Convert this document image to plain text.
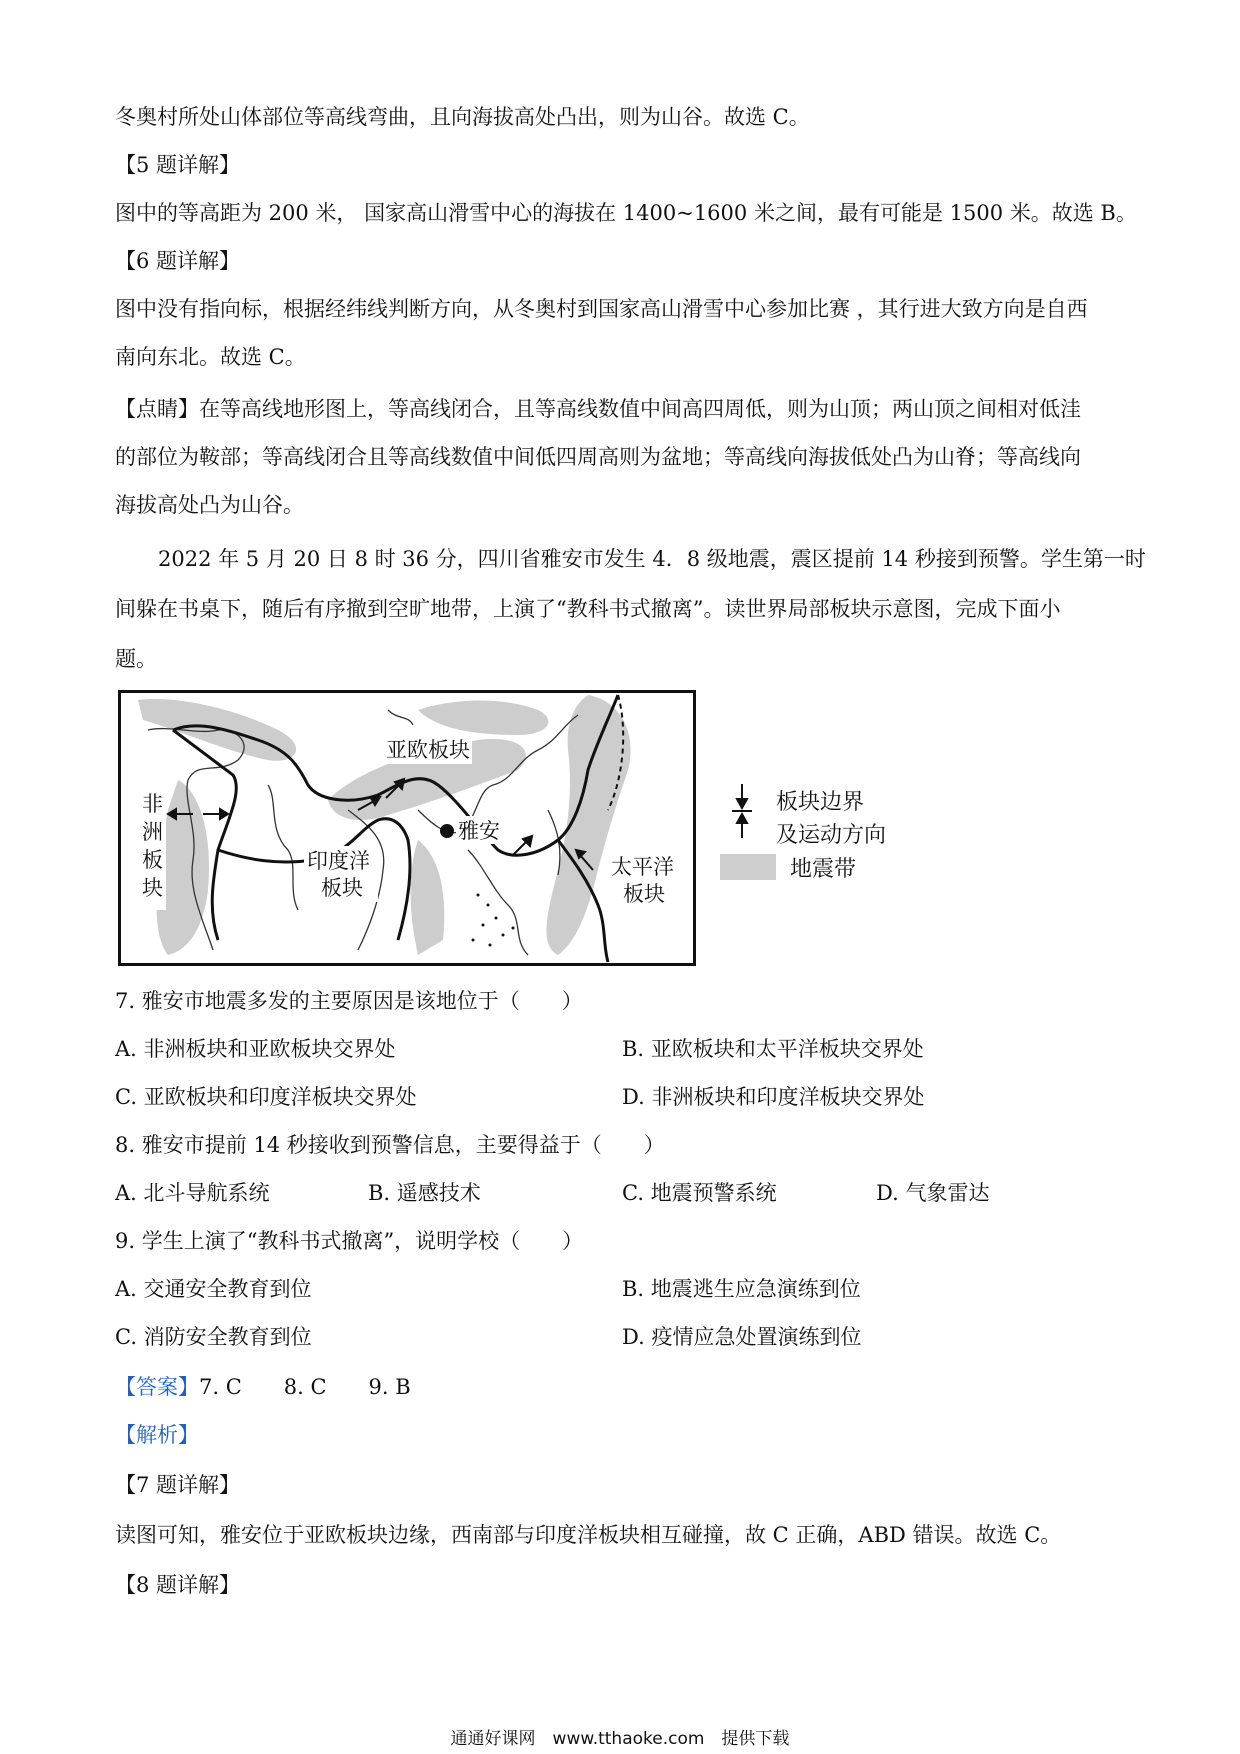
冬奥村所处山体部位等高线弯曲，且向海拔高处凸出，则为山谷。故选 C。
【5 题详解】
图中的等高距为 200 米， 国家高山滑雪中心的海拔在 1400~1600 米之间，最有可能是 1500 米。故选 B。
【6 题详解】
图中没有指向标，根据经纬线判断方向，从冬奥村到国家高山滑雪中心参加比赛 ，其行进大致方向是自西
南向东北。故选 C。
【点睛】在等高线地形图上，等高线闭合，且等高线数值中间高四周低，则为山顶；两山顶之间相对低洼
的部位为鞍部；等高线闭合且等高线数值中间低四周高则为盆地；等高线向海拔低处凸为山脊；等高线向
海拔高处凸为山谷。
2022 年 5 月 20 日 8 时 36 分，四川省雅安市发生 4．8 级地震，震区提前 14 秒接到预警。学生第一时
间躲在书桌下，随后有序撤到空旷地带，上演了“教科书式撤离”。读世界局部板块示意图，完成下面小
题。
亚欧板块
非
洲
板
块
印度洋
板块
雅安
太平洋
板块
板块边界
及运动方向
地震带
7. 雅安市地震多发的主要原因是该地位于（　　）
A. 非洲板块和亚欧板块交界处	B. 亚欧板块和太平洋板块交界处
C. 亚欧板块和印度洋板块交界处	D. 非洲板块和印度洋板块交界处
8. 雅安市提前 14 秒接收到预警信息，主要得益于（　　）
A. 北斗导航系统	B. 遥感技术	C. 地震预警系统	D. 气象雷达
9. 学生上演了“教科书式撤离”，说明学校（　　）
A. 交通安全教育到位	B. 地震逃生应急演练到位
C. 消防安全教育到位	D. 疫情应急处置演练到位
【答案】7. C　　8. C　　9. B
【解析】
【7 题详解】
读图可知，雅安位于亚欧板块边缘，西南部与印度洋板块相互碰撞，故 C 正确，ABD 错误。故选 C。
【8 题详解】
通通好课网　www.tthaoke.com　提供下载
